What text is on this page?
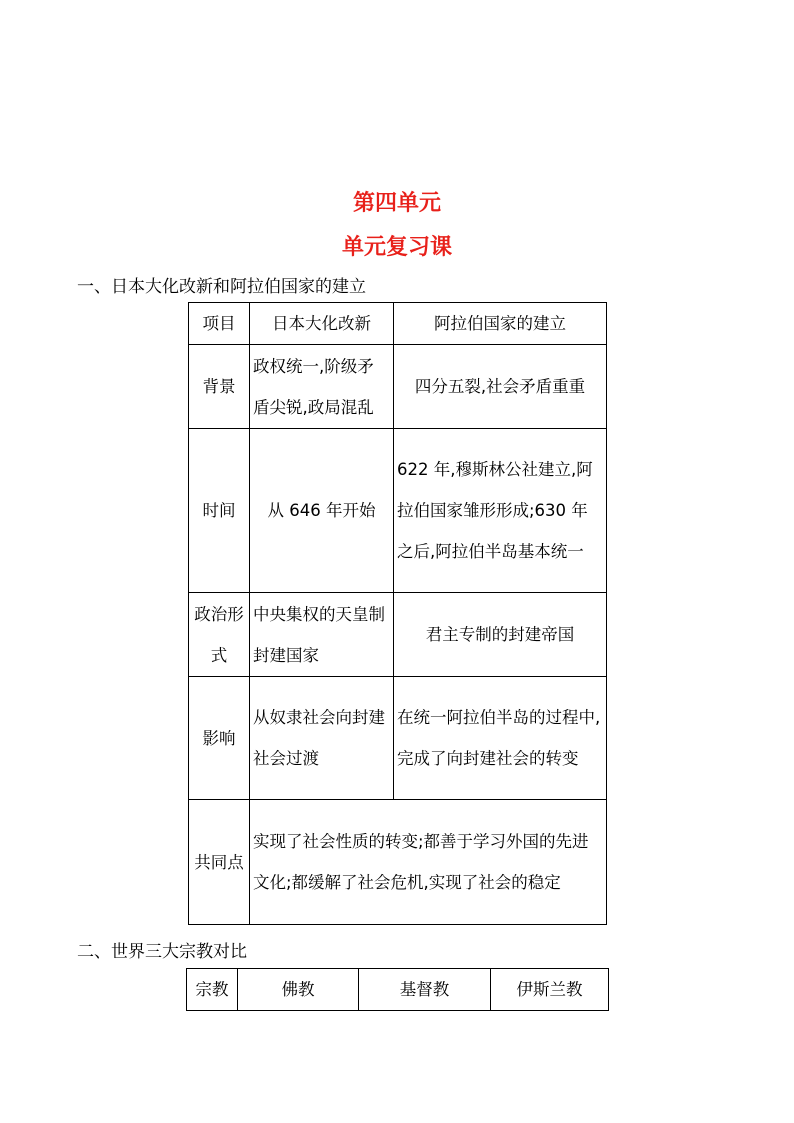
第四单元
单元复习课
一、日本大化改新和阿拉伯国家的建立
项目	日本大化改新	阿拉伯国家的建立
背景	政权统一,阶级矛盾尖锐,政局混乱	四分五裂,社会矛盾重重
时间	从 646 年开始	622 年,穆斯林公社建立,阿拉伯国家雏形形成;630 年之后,阿拉伯半岛基本统一
政治形式	中央集权的天皇制封建国家	君主专制的封建帝国
影响	从奴隶社会向封建社会过渡	在统一阿拉伯半岛的过程中,完成了向封建社会的转变
共同点	实现了社会性质的转变;都善于学习外国的先进文化;都缓解了社会危机,实现了社会的稳定	
二、世界三大宗教对比
宗教	佛教	基督教	伊斯兰教
